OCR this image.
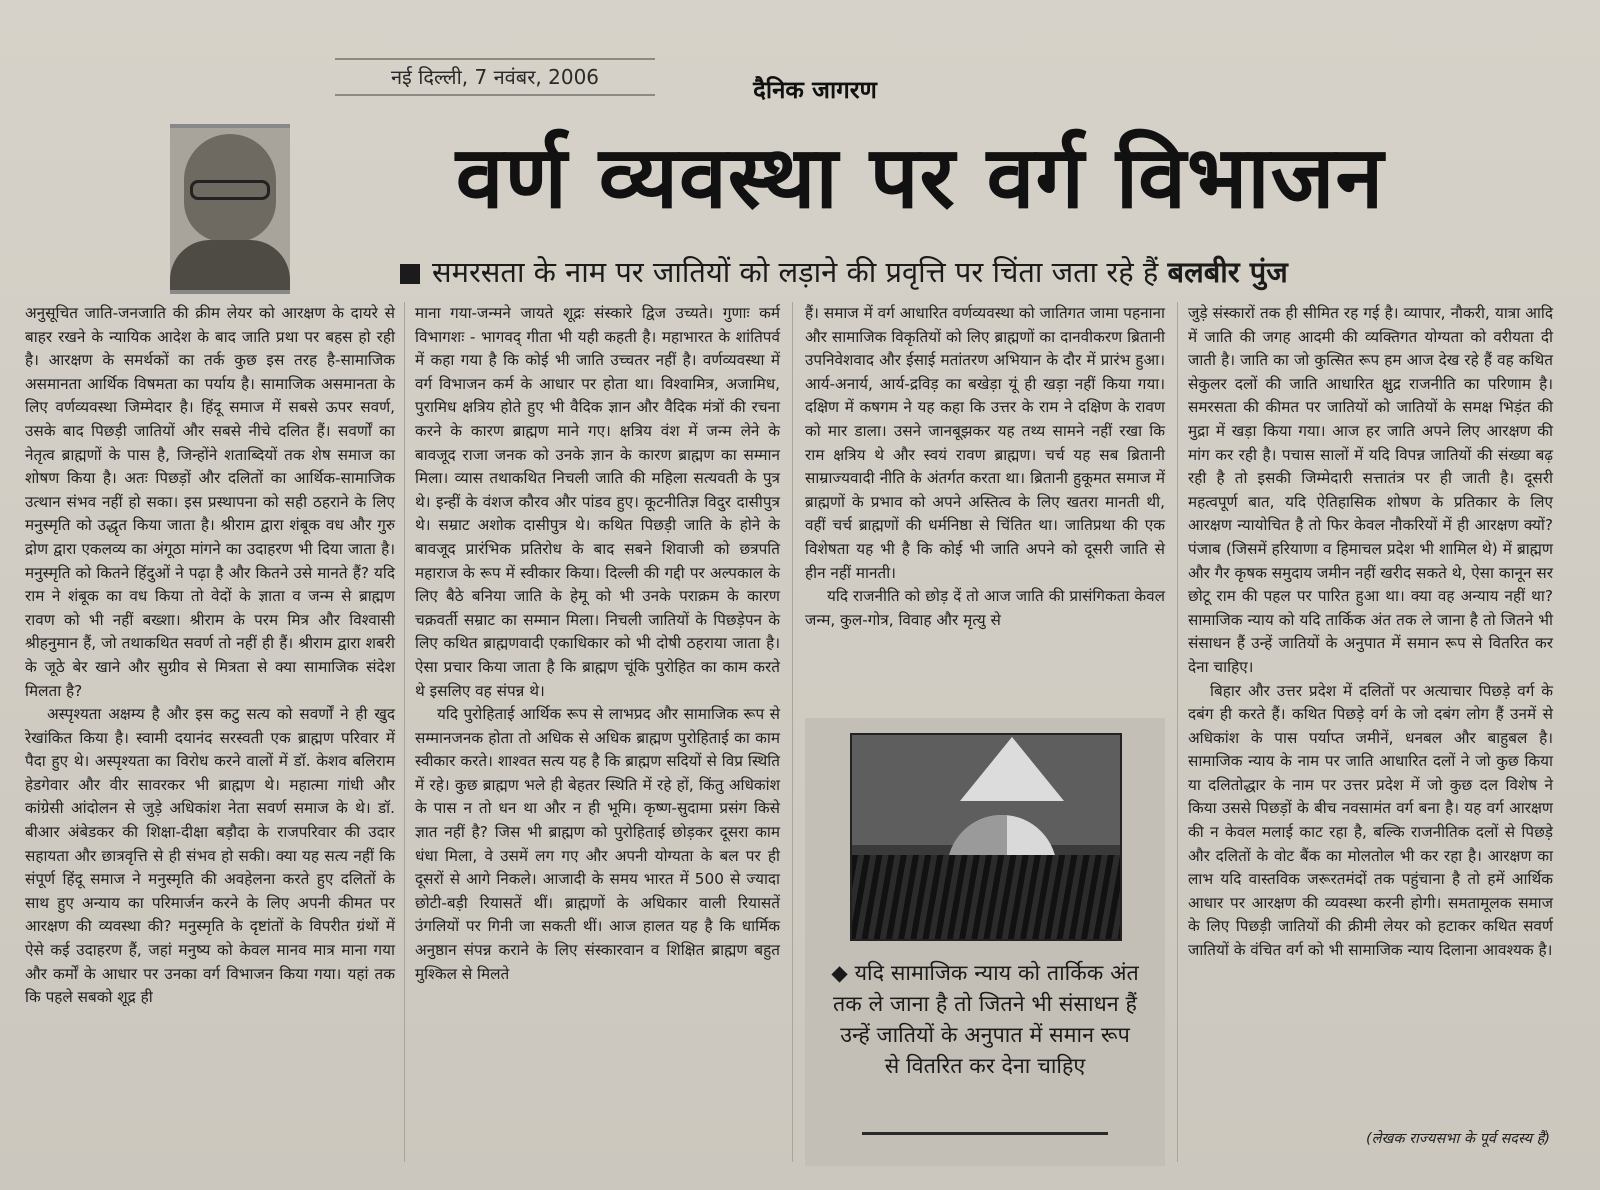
नई दिल्ली, 7 नवंबर, 2006	दैनिक जागरण
वर्ण व्यवस्था पर वर्ग विभाजन
समरसता के नाम पर जातियों को लड़ाने की प्रवृत्ति पर चिंता जता रहे हैं बलबीर पुंज

अनुसूचित जाति-जनजाति की क्रीम लेयर को आरक्षण के दायरे से बाहर रखने के न्यायिक आदेश के बाद जाति प्रथा पर बहस हो रही है। आरक्षण के समर्थकों का तर्क कुछ इस तरह है-सामाजिक असमानता आर्थिक विषमता का पर्याय है। सामाजिक असमानता के लिए वर्णव्यवस्था जिम्मेदार है। हिंदू समाज में सबसे ऊपर सवर्ण, उसके बाद पिछड़ी जातियों और सबसे नीचे दलित हैं। सवर्णों का नेतृत्व ब्राह्मणों के पास है, जिन्होंने शताब्दियों तक शेष समाज का शोषण किया है। अतः पिछड़ों और दलितों का आर्थिक-सामाजिक उत्थान संभव नहीं हो सका। इस प्रस्थापना को सही ठहराने के लिए मनुस्मृति को उद्धृत किया जाता है। श्रीराम द्वारा शंबूक वध और गुरु द्रोण द्वारा एकलव्य का अंगूठा मांगने का उदाहरण भी दिया जाता है। मनुस्मृति को कितने हिंदुओं ने पढ़ा है और कितने उसे मानते हैं? यदि राम ने शंबूक का वध किया तो वेदों के ज्ञाता व जन्म से ब्राह्मण रावण को भी नहीं बख्शा। श्रीराम के परम मित्र और विश्वासी श्रीहनुमान हैं, जो तथाकथित सवर्ण तो नहीं ही हैं। श्रीराम द्वारा शबरी के जूठे बेर खाने और सुग्रीव से मित्रता से क्या सामाजिक संदेश मिलता है?

अस्पृश्यता अक्षम्य है और इस कटु सत्य को सवर्णों ने ही खुद रेखांकित किया है। स्वामी दयानंद सरस्वती एक ब्राह्मण परिवार में पैदा हुए थे। अस्पृश्यता का विरोध करने वालों में डॉ. केशव बलिराम हेडगेवार और वीर सावरकर भी ब्राह्मण थे। महात्मा गांधी और कांग्रेसी आंदोलन से जुड़े अधिकांश नेता सवर्ण समाज के थे। डॉ. बीआर अंबेडकर की शिक्षा-दीक्षा बड़ौदा के राजपरिवार की उदार सहायता और छात्रवृत्ति से ही संभव हो सकी। क्या यह सत्य नहीं कि संपूर्ण हिंदू समाज ने मनुस्मृति की अवहेलना करते हुए दलितों के साथ हुए अन्याय का परिमार्जन करने के लिए अपनी कीमत पर आरक्षण की व्यवस्था की? मनुस्मृति के दृष्टांतों के विपरीत ग्रंथों में ऐसे कई उदाहरण हैं, जहां मनुष्य को केवल मानव मात्र माना गया और कर्मों के आधार पर उनका वर्ग विभाजन किया गया। यहां तक कि पहले सबको शूद्र ही

माना गया-जन्मने जायते शूद्रः संस्कारे द्विज उच्यते। गुणाः कर्म विभागशः - भागवद् गीता भी यही कहती है। महाभारत के शांतिपर्व में कहा गया है कि कोई भी जाति उच्चतर नहीं है। वर्णव्यवस्था में वर्ग विभाजन कर्म के आधार पर होता था। विश्वामित्र, अजामिध, पुरामिध क्षत्रिय होते हुए भी वैदिक ज्ञान और वैदिक मंत्रों की रचना करने के कारण ब्राह्मण माने गए। क्षत्रिय वंश में जन्म लेने के बावजूद राजा जनक को उनके ज्ञान के कारण ब्राह्मण का सम्मान मिला। व्यास तथाकथित निचली जाति की महिला सत्यवती के पुत्र थे। इन्हीं के वंशज कौरव और पांडव हुए। कूटनीतिज्ञ विदुर दासीपुत्र थे। सम्राट अशोक दासीपुत्र थे। कथित पिछड़ी जाति के होने के बावजूद प्रारंभिक प्रतिरोध के बाद सबने शिवाजी को छत्रपति महाराज के रूप में स्वीकार किया। दिल्ली की गद्दी पर अल्पकाल के लिए बैठे बनिया जाति के हेमू को भी उनके पराक्रम के कारण चक्रवर्ती सम्राट का सम्मान मिला। निचली जातियों के पिछड़ेपन के लिए कथित ब्राह्मणवादी एकाधिकार को भी दोषी ठहराया जाता है। ऐसा प्रचार किया जाता है कि ब्राह्मण चूंकि पुरोहित का काम करते थे इसलिए वह संपन्न थे।

यदि पुरोहिताई आर्थिक रूप से लाभप्रद और सामाजिक रूप से सम्मानजनक होता तो अधिक से अधिक ब्राह्मण पुरोहिताई का काम स्वीकार करते। शाश्वत सत्य यह है कि ब्राह्मण सदियों से विप्र स्थिति में रहे। कुछ ब्राह्मण भले ही बेहतर स्थिति में रहे हों, किंतु अधिकांश के पास न तो धन था और न ही भूमि। कृष्ण-सुदामा प्रसंग किसे ज्ञात नहीं है? जिस भी ब्राह्मण को पुरोहिताई छोड़कर दूसरा काम धंधा मिला, वे उसमें लग गए और अपनी योग्यता के बल पर ही दूसरों से आगे निकले। आजादी के समय भारत में 500 से ज्यादा छोटी-बड़ी रियासतें थीं। ब्राह्मणों के अधिकार वाली रियासतें उंगलियों पर गिनी जा सकती थीं। आज हालत यह है कि धार्मिक अनुष्ठान संपन्न कराने के लिए संस्कारवान व शिक्षित ब्राह्मण बहुत मुश्किल से मिलते

हैं। समाज में वर्ग आधारित वर्णव्यवस्था को जातिगत जामा पहनाना और सामाजिक विकृतियों को लिए ब्राह्मणों का दानवीकरण ब्रितानी उपनिवेशवाद और ईसाई मतांतरण अभियान के दौर में प्रारंभ हुआ। आर्य-अनार्य, आर्य-द्रविड़ का बखेड़ा यूं ही खड़ा नहीं किया गया। दक्षिण में कषगम ने यह कहा कि उत्तर के राम ने दक्षिण के रावण को मार डाला। उसने जानबूझकर यह तथ्य सामने नहीं रखा कि राम क्षत्रिय थे और स्वयं रावण ब्राह्मण। चर्च यह सब ब्रितानी साम्राज्यवादी नीति के अंतर्गत करता था। ब्रितानी हुकूमत समाज में ब्राह्मणों के प्रभाव को अपने अस्तित्व के लिए खतरा मानती थी, वहीं चर्च ब्राह्मणों की धर्मनिष्ठा से चिंतित था। जातिप्रथा की एक विशेषता यह भी है कि कोई भी जाति अपने को दूसरी जाति से हीन नहीं मानती।

यदि राजनीति को छोड़ दें तो आज जाति की प्रासंगिकता केवल जन्म, कुल-गोत्र, विवाह और मृत्यु से

◆ यदि सामाजिक न्याय को तार्किक अंत तक ले जाना है तो जितने भी संसाधन हैं उन्हें जातियों के अनुपात में समान रूप से वितरित कर देना चाहिए

जुड़े संस्कारों तक ही सीमित रह गई है। व्यापार, नौकरी, यात्रा आदि में जाति की जगह आदमी की व्यक्तिगत योग्यता को वरीयता दी जाती है। जाति का जो कुत्सित रूप हम आज देख रहे हैं वह कथित सेकुलर दलों की जाति आधारित क्षुद्र राजनीति का परिणाम है। समरसता की कीमत पर जातियों को जातियों के समक्ष भिड़ंत की मुद्रा में खड़ा किया गया। आज हर जाति अपने लिए आरक्षण की मांग कर रही है। पचास सालों में यदि विपन्न जातियों की संख्या बढ़ रही है तो इसकी जिम्मेदारी सत्तातंत्र पर ही जाती है। दूसरी महत्वपूर्ण बात, यदि ऐतिहासिक शोषण के प्रतिकार के लिए आरक्षण न्यायोचित है तो फिर केवल नौकरियों में ही आरक्षण क्यों? पंजाब (जिसमें हरियाणा व हिमाचल प्रदेश भी शामिल थे) में ब्राह्मण और गैर कृषक समुदाय जमीन नहीं खरीद सकते थे, ऐसा कानून सर छोटू राम की पहल पर पारित हुआ था। क्या वह अन्याय नहीं था? सामाजिक न्याय को यदि तार्किक अंत तक ले जाना है तो जितने भी संसाधन हैं उन्हें जातियों के अनुपात में समान रूप से वितरित कर देना चाहिए।

बिहार और उत्तर प्रदेश में दलितों पर अत्याचार पिछड़े वर्ग के दबंग ही करते हैं। कथित पिछड़े वर्ग के जो दबंग लोग हैं उनमें से अधिकांश के पास पर्याप्त जमीनें, धनबल और बाहुबल है। सामाजिक न्याय के नाम पर जाति आधारित दलों ने जो कुछ किया या दलितोद्धार के नाम पर उत्तर प्रदेश में जो कुछ दल विशेष ने किया उससे पिछड़ों के बीच नवसामंत वर्ग बना है। यह वर्ग आरक्षण की न केवल मलाई काट रहा है, बल्कि राजनीतिक दलों से पिछड़े और दलितों के वोट बैंक का मोलतोल भी कर रहा है। आरक्षण का लाभ यदि वास्तविक जरूरतमंदों तक पहुंचाना है तो हमें आर्थिक आधार पर आरक्षण की व्यवस्था करनी होगी। समतामूलक समाज के लिए पिछड़ी जातियों की क्रीमी लेयर को हटाकर कथित सवर्ण जातियों के वंचित वर्ग को भी सामाजिक न्याय दिलाना आवश्यक है।

(लेखक राज्यसभा के पूर्व सदस्य हैं)
